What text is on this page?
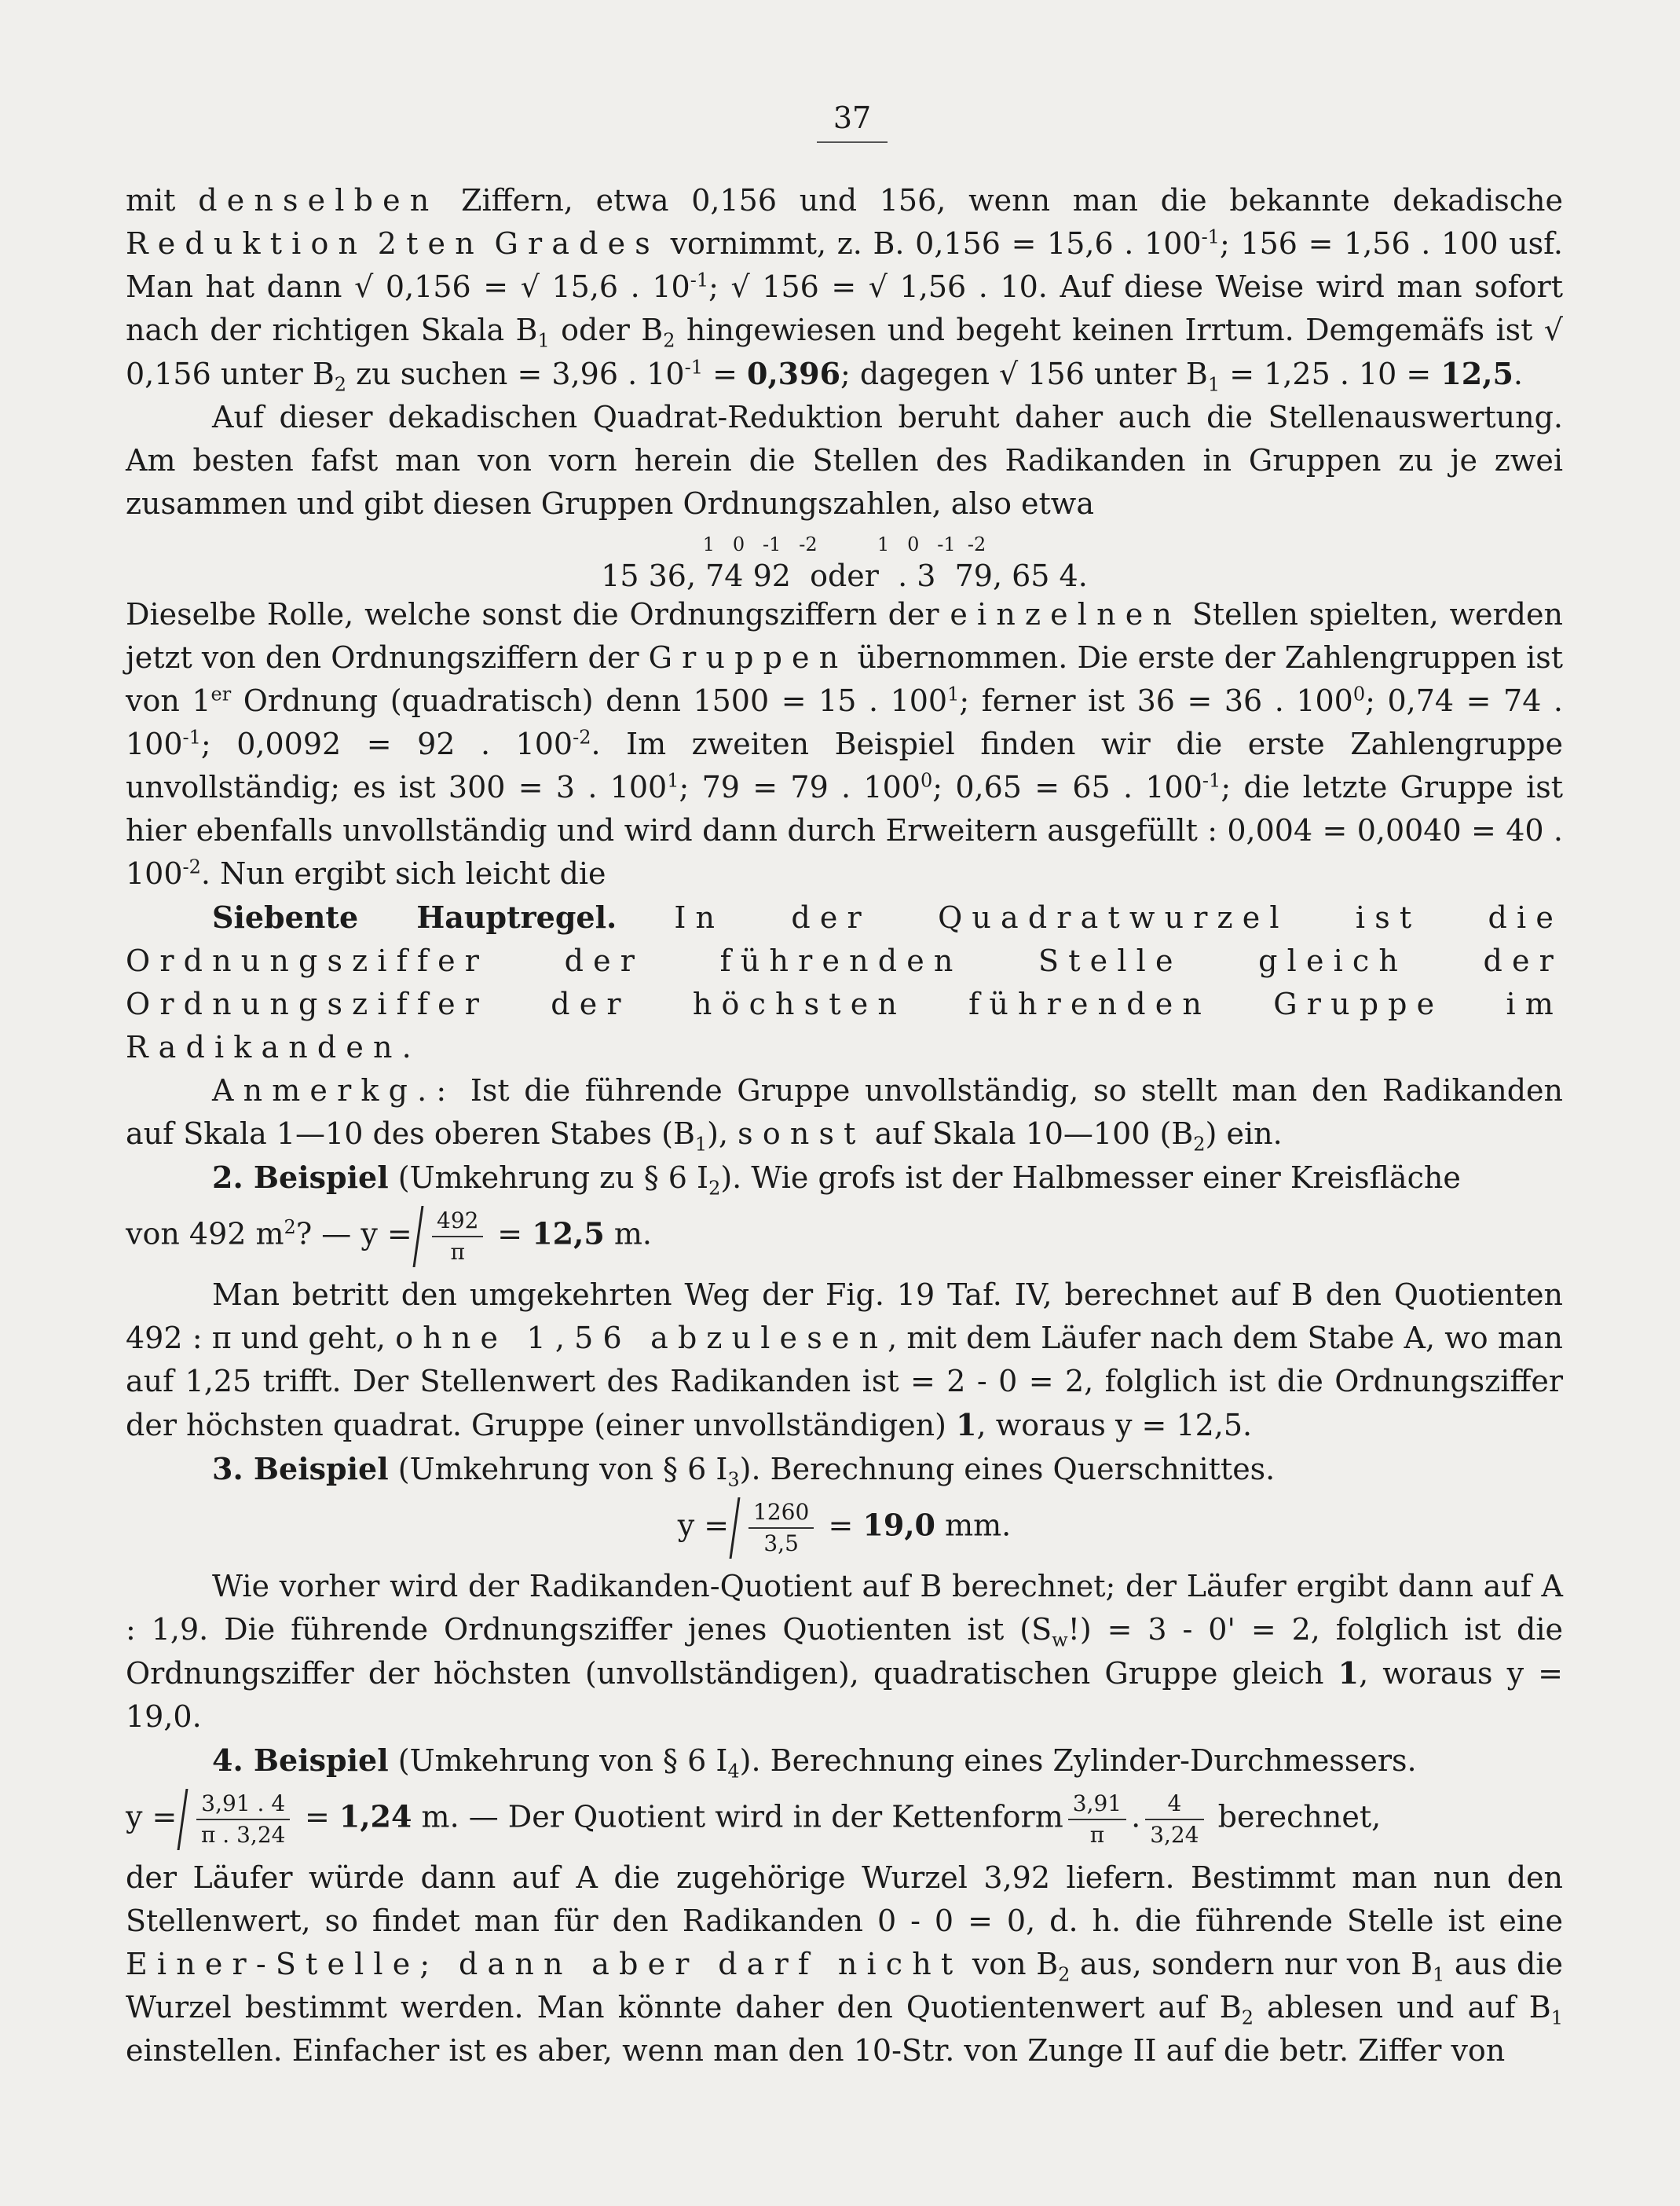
37

mit denselben Ziffern, etwa 0,156 und 156, wenn man die bekannte dekadische Reduktion 2ten Grades vornimmt, z. B. 0,156 = 15,6 . $100^{-1}$; 156 = 1,56 . 100 usf. Man hat dann √ 0,156 = √ 15,6 . $10^{-1}$; √ 156 = √ 1,56 . 10. Auf diese Weise wird man sofort nach der richtigen Skala $B_1$ oder $B_2$ hingewiesen und begeht keinen Irrtum. Demgemäfs ist √ 0,156 unter $B_2$ zu suchen = 3,96 . $10^{-1} = 0,396$; dagegen √ 156 unter $B_1 = 1,25$ . 10 = 12,5.

Auf dieser dekadischen Quadrat-Reduktion beruht daher auch die Stellenauswertung. Am besten fafst man von vorn herein die Stellen des Radikanden in Gruppen zu je zwei zusammen und gibt diesen Gruppen Ordnungszahlen, also etwa

1   0   -1   -2          1   0   -1  -2
15 36, 74 92  oder  . 3  79, 65 4.

Dieselbe Rolle, welche sonst die Ordnungsziffern der einzelnen Stellen spielten, werden jetzt von den Ordnungsziffern der Gruppen übernommen. Die erste der Zahlengruppen ist von 1er Ordnung (quadratisch) denn 1500 = 15 . $100^1$; ferner ist 36 = 36 . $100^0$; 0,74 = 74 . $100^{-1}$; 0,0092 = 92 . $100^{-2}$. Im zweiten Beispiel finden wir die erste Zahlengruppe unvollständig; es ist 300 = 3 . $100^1$; 79 = 79 . $100^0$; 0,65 = 65 . $100^{-1}$; die letzte Gruppe ist hier ebenfalls unvollständig und wird dann durch Erweitern ausgefüllt : 0,004 = 0,0040 = 40 . $100^{-2}$. Nun ergibt sich leicht die

Siebente Hauptregel. In der Quadratwurzel ist die Ordnungsziffer der führenden Stelle gleich der Ordnungsziffer der höchsten führenden Gruppe im Radikanden.

Anmerkg.: Ist die führende Gruppe unvollständig, so stellt man den Radikanden auf Skala 1—10 des oberen Stabes $(B_1)$, sonst auf Skala 10—100 $(B_2)$ ein.

2. Beispiel (Umkehrung zu § 6 $I_2$). Wie grofs ist der Halbmesser einer Kreisfläche

von 492 $m^2$? — $y = \frac{492}{\pi} = 12,5$ m.

Man betritt den umgekehrten Weg der Fig. 19 Taf. IV, berechnet auf B den Quotienten 492 : π und geht, ohne 1,56 abzulesen, mit dem Läufer nach dem Stabe A, wo man auf 1,25 trifft. Der Stellenwert des Radikanden ist = 2 - 0 = 2, folglich ist die Ordnungsziffer der höchsten quadrat. Gruppe (einer unvollständigen) 1, woraus y = 12,5.

3. Beispiel (Umkehrung von § 6 $I_3$). Berechnung eines Querschnittes.

$y = \frac{1260}{3,5} = 19,0$ mm.

Wie vorher wird der Radikanden-Quotient auf B berechnet; der Läufer ergibt dann auf A : 1,9. Die führende Ordnungsziffer jenes Quotienten ist $(S_w!) = 3 - 0' = 2$, folglich ist die Ordnungsziffer der höchsten (unvollständigen), quadratischen Gruppe gleich 1, woraus y = 19,0.

4. Beispiel (Umkehrung von § 6 $I_4$). Berechnung eines Zylinder-Durchmessers.

$y = \frac{3,91 . 4}{\pi . 3,24} = 1,24$ m. — Der Quotient wird in der Kettenform $\frac{3,91}{\pi}$ . $\frac{4}{3,24}$ berechnet,

der Läufer würde dann auf A die zugehörige Wurzel 3,92 liefern. Bestimmt man nun den Stellenwert, so findet man für den Radikanden 0 - 0 = 0, d. h. die führende Stelle ist eine Einer-Stelle; dann aber darf nicht von $B_2$ aus, sondern nur von $B_1$ aus die Wurzel bestimmt werden. Man könnte daher den Quotientenwert auf $B_2$ ablesen und auf $B_1$ einstellen. Einfacher ist es aber, wenn man den 10-Str. von Zunge II auf die betr. Ziffer von
